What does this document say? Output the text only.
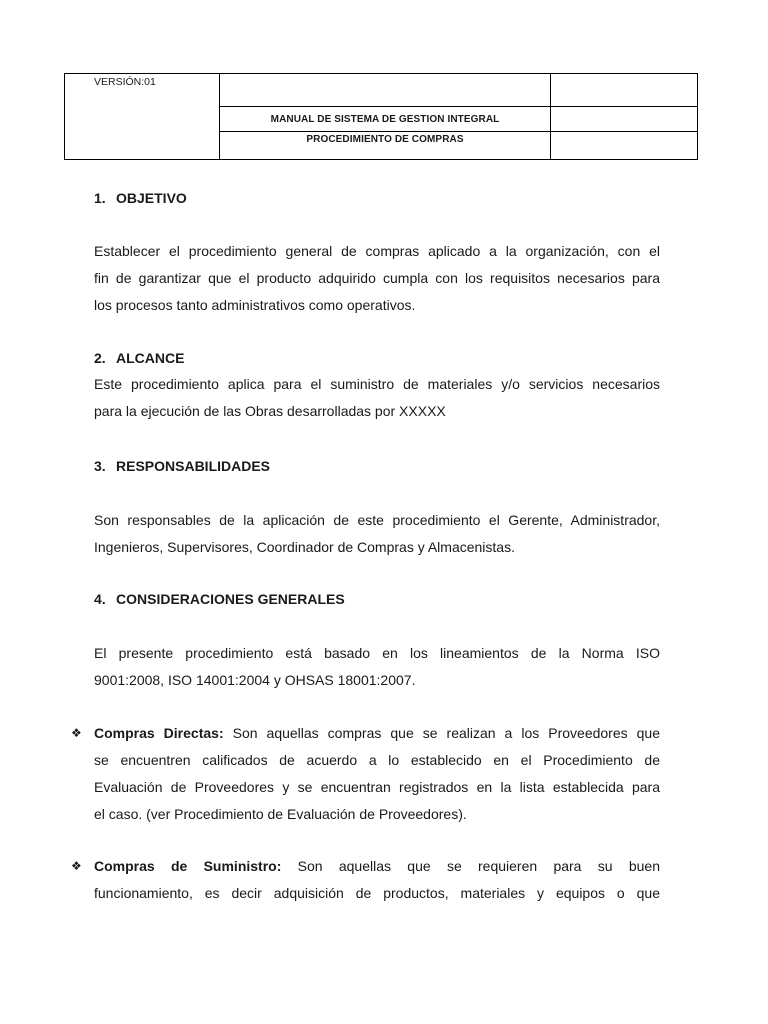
VERSIÓN:01		
	MANUAL DE SISTEMA DE GESTION INTEGRAL	
	PROCEDIMIENTO DE COMPRAS	
1. OBJETIVO

Establecer el procedimiento general de compras aplicado a la organización, con el
fin de garantizar que el producto adquirido cumpla con los requisitos necesarios para
los procesos tanto administrativos como operativos.

2. ALCANCE

Este procedimiento aplica para el suministro de materiales y/o servicios necesarios
para la ejecución de las Obras desarrolladas por XXXXX

3. RESPONSABILIDADES

Son responsables de la aplicación de este procedimiento el Gerente, Administrador,
Ingenieros, Supervisores, Coordinador de Compras y Almacenistas.

4. CONSIDERACIONES GENERALES

El presente procedimiento está basado en los lineamientos de la Norma ISO
9001:2008, ISO 14001:2004 y OHSAS 18001:2007.

❖ Compras Directas: Son aquellas compras que se realizan a los Proveedores que
se encuentren calificados de acuerdo a lo establecido en el Procedimiento de
Evaluación de Proveedores y se encuentran registrados en la lista establecida para
el caso. (ver Procedimiento de Evaluación de Proveedores).

❖ Compras de Suministro: Son aquellas que se requieren para su buen
funcionamiento, es decir adquisición de productos, materiales y equipos o que
